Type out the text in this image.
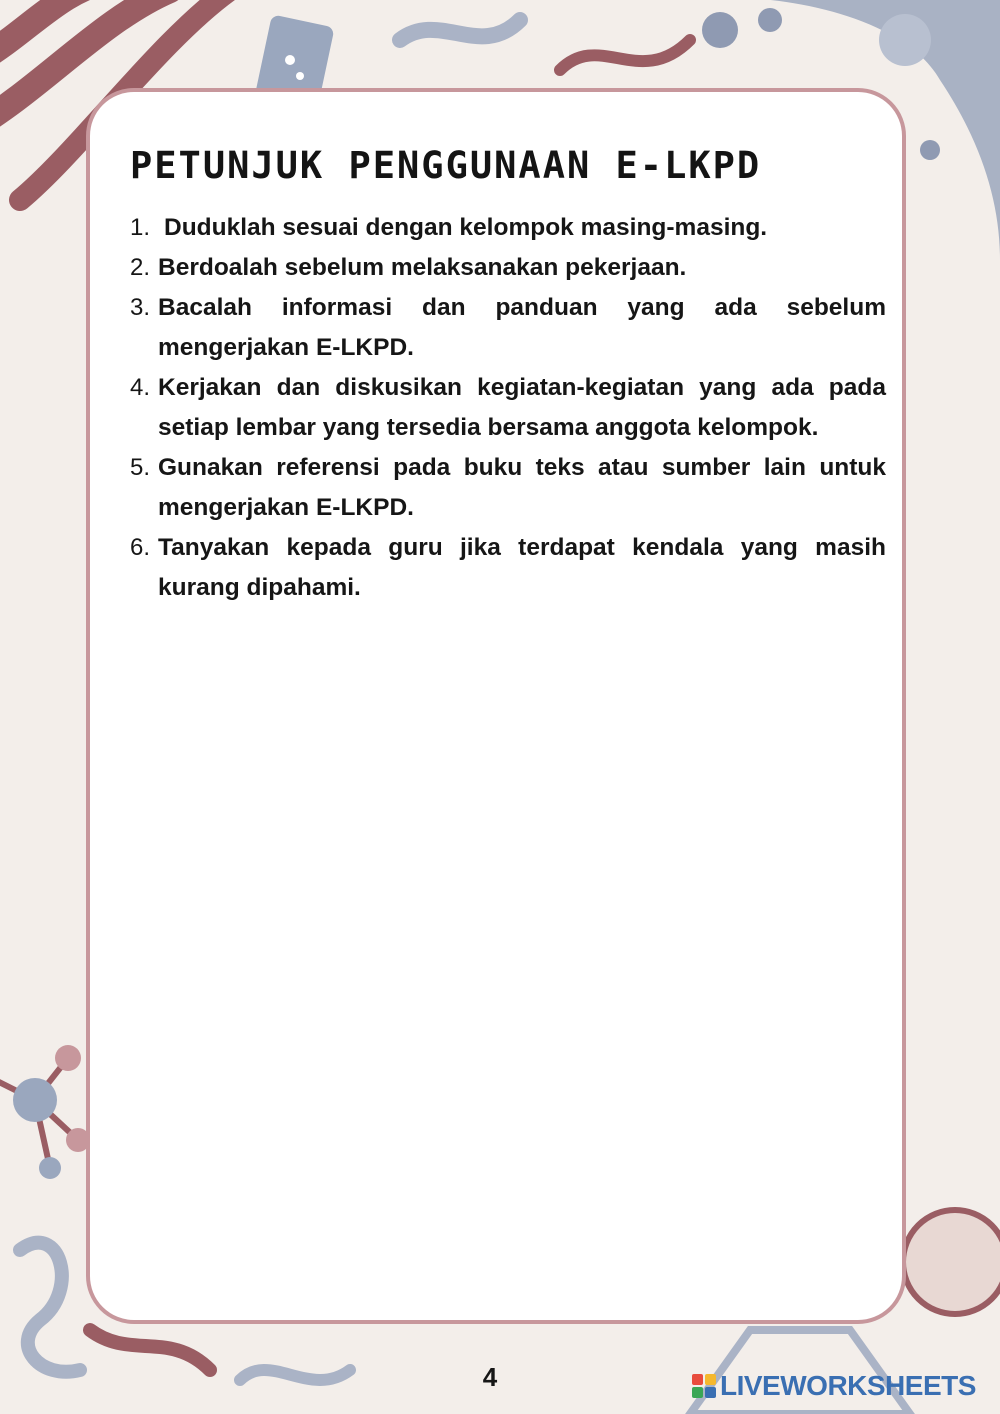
PETUNJUK PENGGUNAAN E-LKPD
1. Duduklah sesuai dengan kelompok masing-masing.
2. Berdoalah sebelum melaksanakan pekerjaan.
3. Bacalah informasi dan panduan yang ada sebelum mengerjakan E-LKPD.
4. Kerjakan dan diskusikan kegiatan-kegiatan yang ada pada setiap lembar yang tersedia bersama anggota kelompok.
5. Gunakan referensi pada buku teks atau sumber lain untuk mengerjakan E-LKPD.
6. Tanyakan kepada guru jika terdapat kendala yang masih kurang dipahami.
4	LIVEWORKSHEETS
